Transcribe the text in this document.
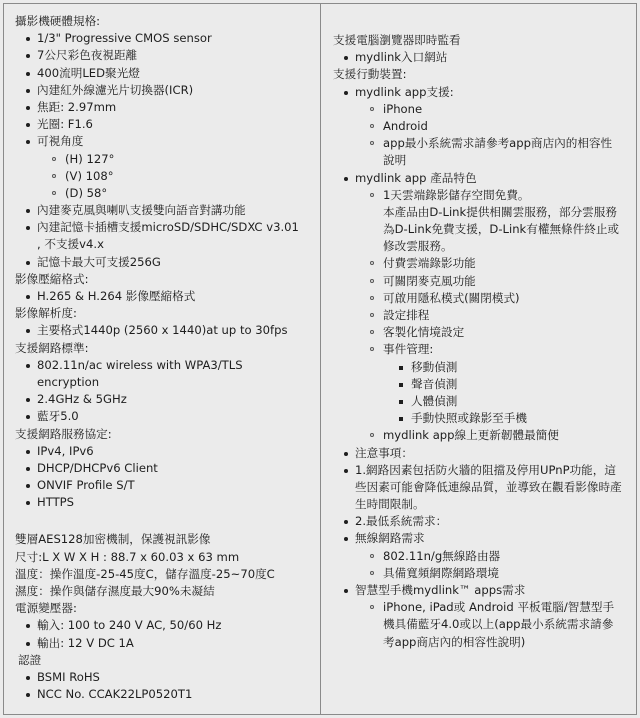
攝影機硬體規格:
1/3" Progressive CMOS sensor
7公尺彩色夜視距離
400流明LED聚光燈
內建紅外線濾光片切換器(ICR)
焦距: 2.97mm
光圈: F1.6
可視角度
(H) 127°
(V) 108°
(D) 58°
內建麥克風與喇叭支援雙向語音對講功能
內建記憶卡插槽支援microSD/SDHC/SDXC v3.01
, 不支援v4.x
記憶卡最大可支援256G
影像壓縮格式:
H.265 & H.264 影像壓縮格式
影像解析度:
主要格式1440p (2560 x 1440)at up to 30fps
支援網路標準:
802.11n/ac wireless with WPA3/TLS
encryption
2.4GHz & 5GHz
藍牙5.0
支援網路服務協定:
IPv4, IPv6
DHCP/DHCPv6 Client
ONVIF Profile S/T
HTTPS
雙層AES128加密機制，保護視訊影像
尺寸:L X W X H : 88.7 x 60.03 x 63 mm
溫度：操作溫度-25-45度C，儲存溫度-25~70度C
濕度：操作與儲存濕度最大90%未凝結
電源變壓器:
輸入: 100 to 240 V AC, 50/60 Hz
輸出: 12 V DC 1A
認證
BSMI RoHS
NCC No. CCAK22LP0520T1
支援電腦瀏覽器即時監看
mydlink入口網站
支援行動裝置:
mydlink app支援:
iPhone
Android
app最小系統需求請參考app商店內的相容性
說明
mydlink app 產品特色
1天雲端錄影儲存空間免費。
本產品由D-Link提供相關雲服務，部分雲服務
為D-Link免費支援，D-Link有權無條件終止或
修改雲服務。
付費雲端錄影功能
可關閉麥克風功能
可啟用隱私模式(關閉模式)
設定排程
客製化情境設定
事件管理:
移動偵測
聲音偵測
人體偵測
手動快照或錄影至手機
mydlink app線上更新韌體最簡便
注意事項：
1.網路因素包括防火牆的阻擋及停用UPnP功能，這
些因素可能會降低連線品質，並導致在觀看影像時產
生時間限制。
2.最低系統需求：
無線網路需求
802.11n/g無線路由器
具備寬頻網際網路環境
智慧型手機mydlink™ apps需求
iPhone, iPad或 Android 平板電腦/智慧型手
機具備藍牙4.0或以上(app最小系統需求請參
考app商店內的相容性說明)
